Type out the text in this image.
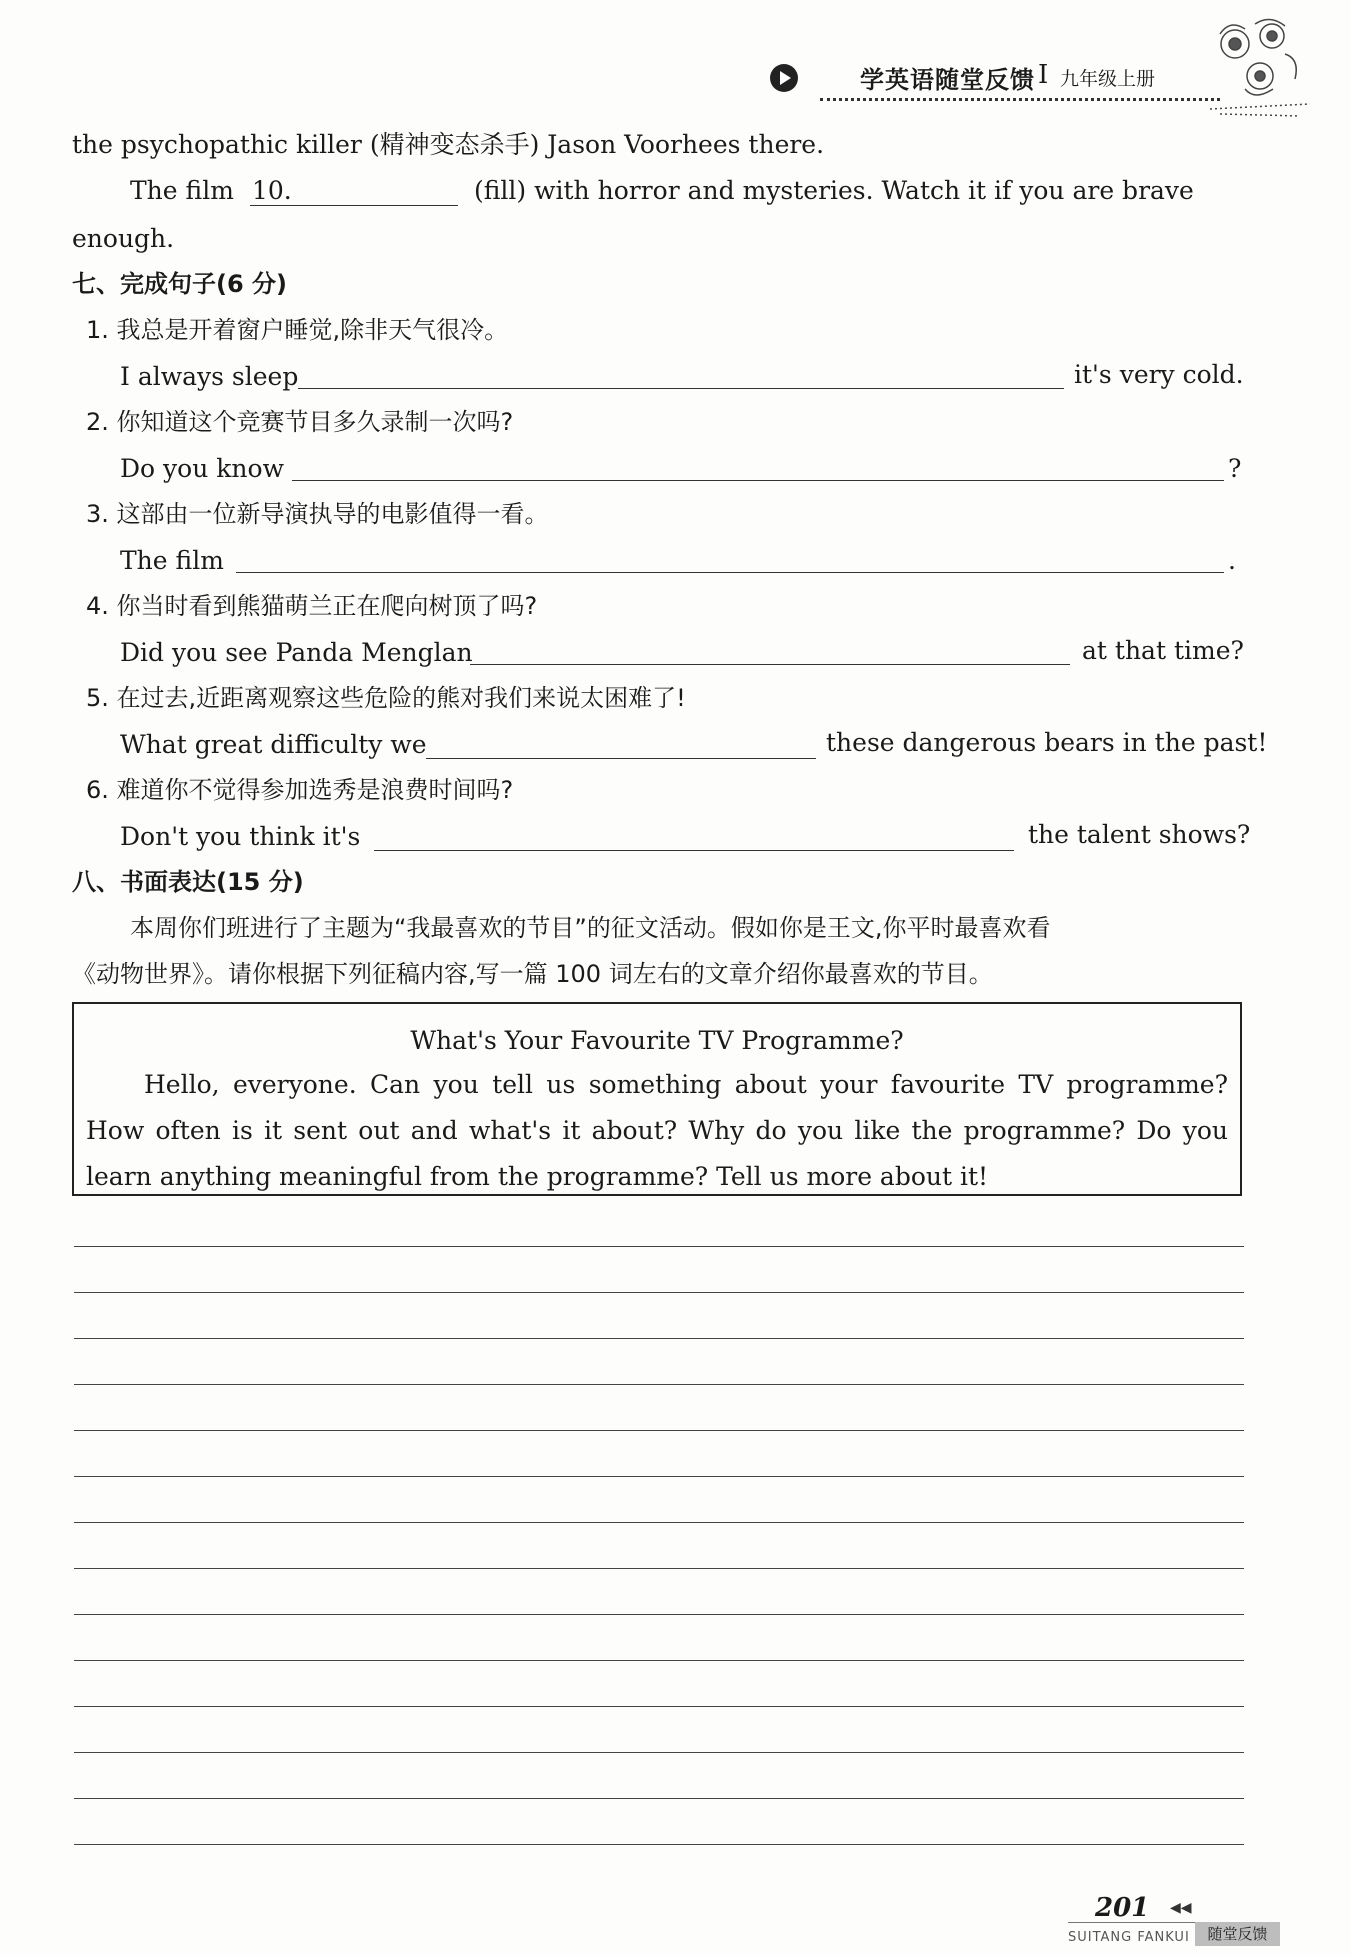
学英语随堂反馈 I 九年级上册
the psychopathic killer (精神变态杀手) Jason Voorhees there.
The film 10.	(fill) with horror and mysteries. Watch it if you are brave
enough.
七、完成句子(6 分)
1. 我总是开着窗户睡觉,除非天气很冷。
I always sleep	it's very cold.
2. 你知道这个竞赛节目多久录制一次吗?
Do you know	?
3. 这部由一位新导演执导的电影值得一看。
The film	.
4. 你当时看到熊猫萌兰正在爬向树顶了吗?
Did you see Panda Menglan	at that time?
5. 在过去,近距离观察这些危险的熊对我们来说太困难了!
What great difficulty we	these dangerous bears in the past!
6. 难道你不觉得参加选秀是浪费时间吗?
Don't you think it's	the talent shows?
八、书面表达(15 分)
本周你们班进行了主题为“我最喜欢的节目”的征文活动。假如你是王文,你平时最喜欢看
《动物世界》。请你根据下列征稿内容,写一篇 100 词左右的文章介绍你最喜欢的节目。
What's Your Favourite TV Programme?
Hello, everyone. Can you tell us something about your favourite TV programme? How often is it sent out and what's it about? Why do you like the programme? Do you learn anything meaningful from the programme? Tell us more about it!
201 ◀◀
SUITANG FANKUI	随堂反馈
